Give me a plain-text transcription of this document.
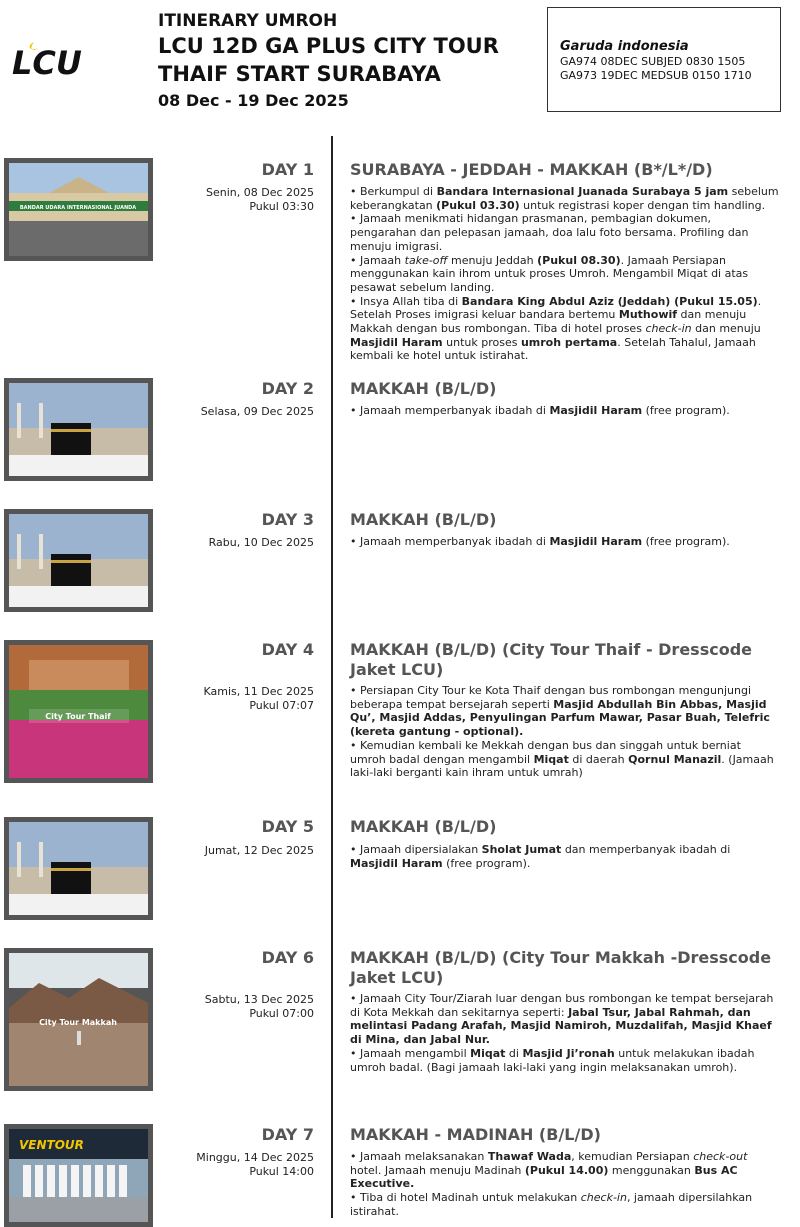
LCU
ITINERARY UMROH
LCU 12D GA PLUS CITY TOUR
THAIF START SURABAYA
08 Dec - 19 Dec 2025
Garuda indonesia
GA974 08DEC SUBJED 0830 1505
GA973 19DEC MEDSUB 0150 1710
BANDAR UDARA INTERNASIONAL JUANDA
DAY 1
Senin, 08 Dec 2025
Pukul 03:30
SURABAYA - JEDDAH - MAKKAH (B*/L*/D)

• Berkumpul di Bandara Internasional Juanada Surabaya 5 jam sebelum keberangkatan (Pukul 03.30) untuk registrasi koper dengan tim handling.

• Jamaah menikmati hidangan prasmanan, pembagian dokumen, pengarahan dan pelepasan jamaah, doa lalu foto bersama. Profiling dan menuju imigrasi.

• Jamaah take-off menuju Jeddah (Pukul 08.30). Jamaah Persiapan menggunakan kain ihrom untuk proses Umroh. Mengambil Miqat di atas pesawat sebelum landing.

• Insya Allah tiba di Bandara King Abdul Aziz (Jeddah) (Pukul 15.05). Setelah Proses imigrasi keluar bandara bertemu Muthowif dan menuju Makkah dengan bus rombongan. Tiba di hotel proses check-in dan menuju Masjidil Haram untuk proses umroh pertama. Setelah Tahalul, Jamaah kembali ke hotel untuk istirahat.

DAY 2
Selasa, 09 Dec 2025
MAKKAH (B/L/D)

• Jamaah memperbanyak ibadah di Masjidil Haram (free program).

DAY 3
Rabu, 10 Dec 2025
MAKKAH (B/L/D)

• Jamaah memperbanyak ibadah di Masjidil Haram (free program).

City Tour Thaif
DAY 4
Kamis, 11 Dec 2025
Pukul 07:07
MAKKAH (B/L/D) (City Tour Thaif - Dresscode Jaket LCU)

• Persiapan City Tour ke Kota Thaif dengan bus rombongan mengunjungi beberapa tempat bersejarah seperti Masjid Abdullah Bin Abbas, Masjid Qu’, Masjid Addas, Penyulingan Parfum Mawar, Pasar Buah, Telefric (kereta gantung - optional).

• Kemudian kembali ke Mekkah dengan bus dan singgah untuk berniat umroh badal dengan mengambil Miqat di daerah Qornul Manazil. (Jamaah laki-laki berganti kain ihram untuk umrah)

DAY 5
Jumat, 12 Dec 2025
MAKKAH (B/L/D)

• Jamaah dipersialakan Sholat Jumat dan memperbanyak ibadah di Masjidil Haram (free program).

City Tour Makkah
DAY 6
Sabtu, 13 Dec 2025
Pukul 07:00
MAKKAH (B/L/D) (City Tour Makkah -Dresscode Jaket LCU)

• Jamaah City Tour/Ziarah luar dengan bus rombongan ke tempat bersejarah di Kota Mekkah dan sekitarnya seperti: Jabal Tsur, Jabal Rahmah, dan melintasi Padang Arafah, Masjid Namiroh, Muzdalifah, Masjid Khaef di Mina, dan Jabal Nur.

• Jamaah mengambil Miqat di Masjid Ji’ronah untuk melakukan ibadah umroh badal. (Bagi jamaah laki-laki yang ingin melaksanakan umroh).

VENTOUR
DAY 7
Minggu, 14 Dec 2025
Pukul 14:00
MAKKAH - MADINAH (B/L/D)

• Jamaah melaksanakan Thawaf Wada, kemudian Persiapan check-out hotel. Jamaah menuju Madinah (Pukul 14.00) menggunakan Bus AC Executive.

• Tiba di hotel Madinah untuk melakukan check-in, jamaah dipersilahkan istirahat.
